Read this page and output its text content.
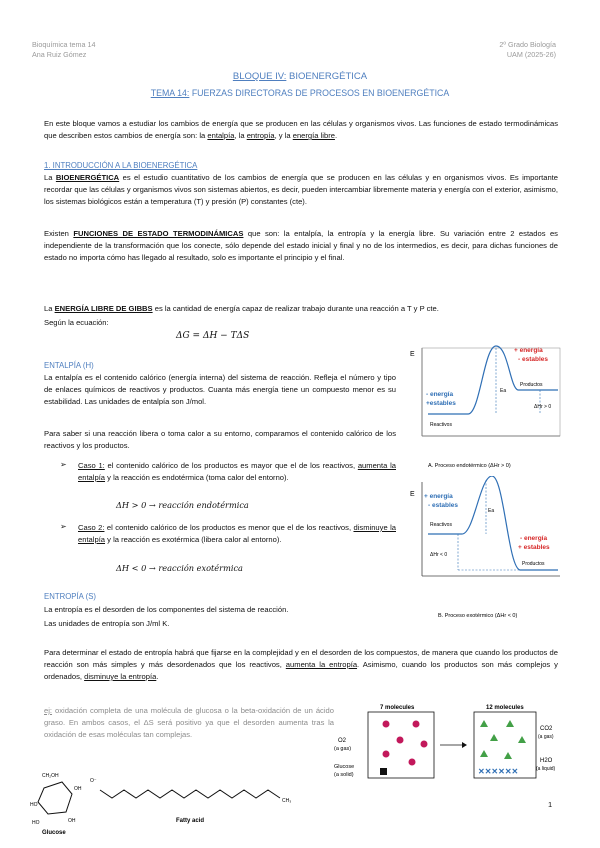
Bioquímica tema 14
Ana Ruiz Gómez
2º Grado Biología
UAM (2025-26)
BLOQUE IV: BIOENERGÉTICA
TEMA 14: FUERZAS DIRECTORAS DE PROCESOS EN BIOENERGÉTICA
En este bloque vamos a estudiar los cambios de energía que se producen en las células y organismos vivos. Las funciones de estado termodinámicas que describen estos cambios de energía son: la entalpía, la entropía, y la energía libre.
1. INTRODUCCIÓN A LA BIOENERGÉTICA
La BIOENERGÉTICA es el estudio cuantitativo de los cambios de energía que se producen en las células y en organismos vivos. Es importante recordar que las células y organismos vivos son sistemas abiertos, es decir, pueden intercambiar libremente materia y energía con el exterior, asimismo, los sistemas biológicos están a temperatura (T) y presión (P) constantes (cte).
Existen FUNCIONES DE ESTADO TERMODINÁMICAS que son: la entalpía, la entropía y la energía libre. Su variación entre 2 estados es independiente de la transformación que los conecte, sólo depende del estado inicial y final y no de los intermedios, es decir, para dichas funciones de estado no importa cómo has llegado al resultado, solo es importante el principio y el final.
La ENERGÍA LIBRE DE GIBBS es la cantidad de energía capaz de realizar trabajo durante una reacción a T y P cte.
Según la ecuación:
ΔG = ΔH − TΔS
ENTALPÍA (H)
La entalpía es el contenido calórico (energía interna) del sistema de reacción. Refleja el número y tipo de enlaces químicos de reactivos y productos. Cuanta más energía tiene un compuesto menor es su estabilidad. Las unidades de entalpía son J/mol.
Para saber si una reacción libera o toma calor a su entorno, comparamos el contenido calórico de los reactivos y los productos.
➢ Caso 1: el contenido calórico de los productos es mayor que el de los reactivos, aumenta la entalpía y la reacción es endotérmica (toma calor del entorno).
ΔH > 0 → reacción endotérmica
➢ Caso 2: el contenido calórico de los productos es menor que el de los reactivos, disminuye la entalpía y la reacción es exotérmica (libera calor al entorno).
ΔH < 0 → reacción exotérmica
E
Ea
ΔHr > 0
Productos
Reactivos
+ energía
- estables
- energía
+estables
A. Proceso endotérmico (ΔHr > 0)
E
Ea
ΔHr < 0
Reactivos
Productos
+ energía
- estables
- energía
+ estables
B. Proceso exotérmico (ΔHr < 0)
ENTROPÍA (S)
La entropía es el desorden de los componentes del sistema de reacción.
Las unidades de entropía son J/ml K.
Para determinar el estado de entropía habrá que fijarse en la complejidad y en el desorden de los compuestos, de manera que cuando los productos de reacción son más simples y más desordenados que los reactivos, aumenta la entropía. Asimismo, cuando los productos son más complejos y ordenados, disminuye la entropía.
ej: oxidación completa de una molécula de glucosa o la beta-oxidación de un ácido graso. En ambos casos, el ΔS será positivo ya que el desorden aumenta tras la oxidación de esas moléculas tan complejas.
CH₂OH
HO
HO	OH
OH
Glucose
O⁻
CH₃
Fatty acid
7 molecules
O2
(a gas)
Glucose
(a solid)
12 molecules
✕✕✕✕✕✕
CO2
(a gas)
H2O
(a liquid)
1
